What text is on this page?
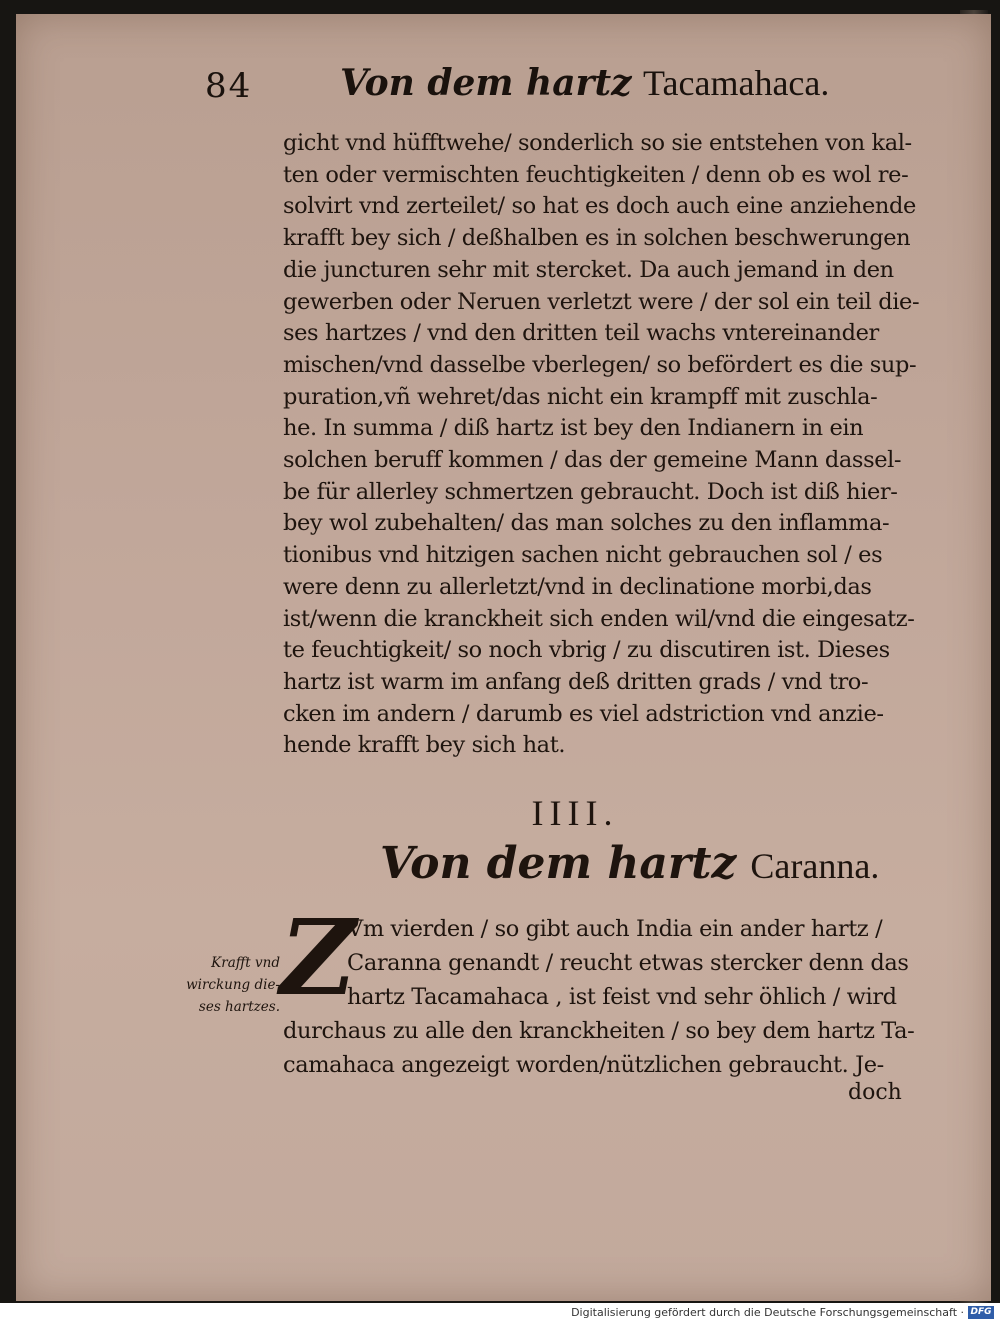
84 Von dem hartz Tacamahaca.
gicht vnd hüfftwehe/ sonderlich so sie entstehen von kal-
ten oder vermischten feuchtigkeiten / denn ob es wol re-
solvirt vnd zerteilet/ so hat es doch auch eine anziehende
krafft bey sich / deßhalben es in solchen beschwerungen
die juncturen sehr mit stercket. Da auch jemand in den
gewerben oder Neruen verletzt were / der sol ein teil die-
ses hartzes / vnd den dritten teil wachs vntereinander
mischen/vnd dasselbe vberlegen/ so befördert es die sup-
puration,vñ wehret/das nicht ein krampff mit zuschla-
he. In summa / diß hartz ist bey den Indianern in ein
solchen beruff kommen / das der gemeine Mann dassel-
be für allerley schmertzen gebraucht. Doch ist diß hier-
bey wol zubehalten/ das man solches zu den inflamma-
tionibus vnd hitzigen sachen nicht gebrauchen sol / es
were denn zu allerletzt/vnd in declinatione morbi,das
ist/wenn die kranckheit sich enden wil/vnd die eingesatz-
te feuchtigkeit/ so noch vbrig / zu discutiren ist. Dieses
hartz ist warm im anfang deß dritten grads / vnd tro-
cken im andern / darumb es viel adstriction vnd anzie-
hende krafft bey sich hat.
IIII.
Von dem hartz Caranna.
Z
Krafft vnd
wirckung die-
ses hartzes.
Vm vierden / so gibt auch India ein ander hartz /
Caranna genandt / reucht etwas stercker denn das
hartz Tacamahaca , ist feist vnd sehr öhlich / wird
durchaus zu alle den kranckheiten / so bey dem hartz Ta-
camahaca angezeigt worden/nützlichen gebraucht. Je-
doch
Digitalisierung gefördert durch die Deutsche Forschungsgemeinschaft · DFG
